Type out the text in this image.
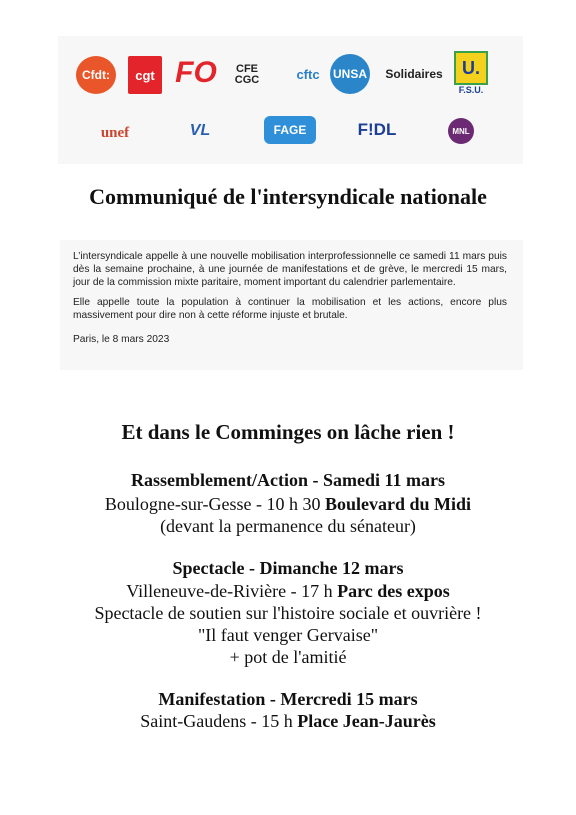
Cfdt: cgt FO	CFE CGC	cftc UNSA Solidaires	U.
F.S.U.
unef	VL	FAGE	F!DL	MNL
Communiqué de l'intersyndicale nationale

L’intersyndicale appelle à une nouvelle mobilisation interprofessionnelle ce samedi 11 mars puis dès la semaine prochaine, à une journée de manifestations et de grève, le mercredi 15 mars, jour de la commission mixte paritaire, moment important du calendrier parlementaire.

Elle appelle toute la population à continuer la mobilisation et les actions, encore plus massivement pour dire non à cette réforme injuste et brutale.

Paris, le 8 mars 2023

Et dans le Comminges on lâche rien !
Rassemblement/Action - Samedi 11 mars
Boulogne-sur-Gesse - 10 h 30 Boulevard du Midi
(devant la permanence du sénateur)
Spectacle - Dimanche 12 mars
Villeneuve-de-Rivière - 17 h Parc des expos
Spectacle de soutien sur l'histoire sociale et ouvrière !
"Il faut venger Gervaise"
+ pot de l'amitié
Manifestation - Mercredi 15 mars
Saint-Gaudens - 15 h Place Jean-Jaurès
